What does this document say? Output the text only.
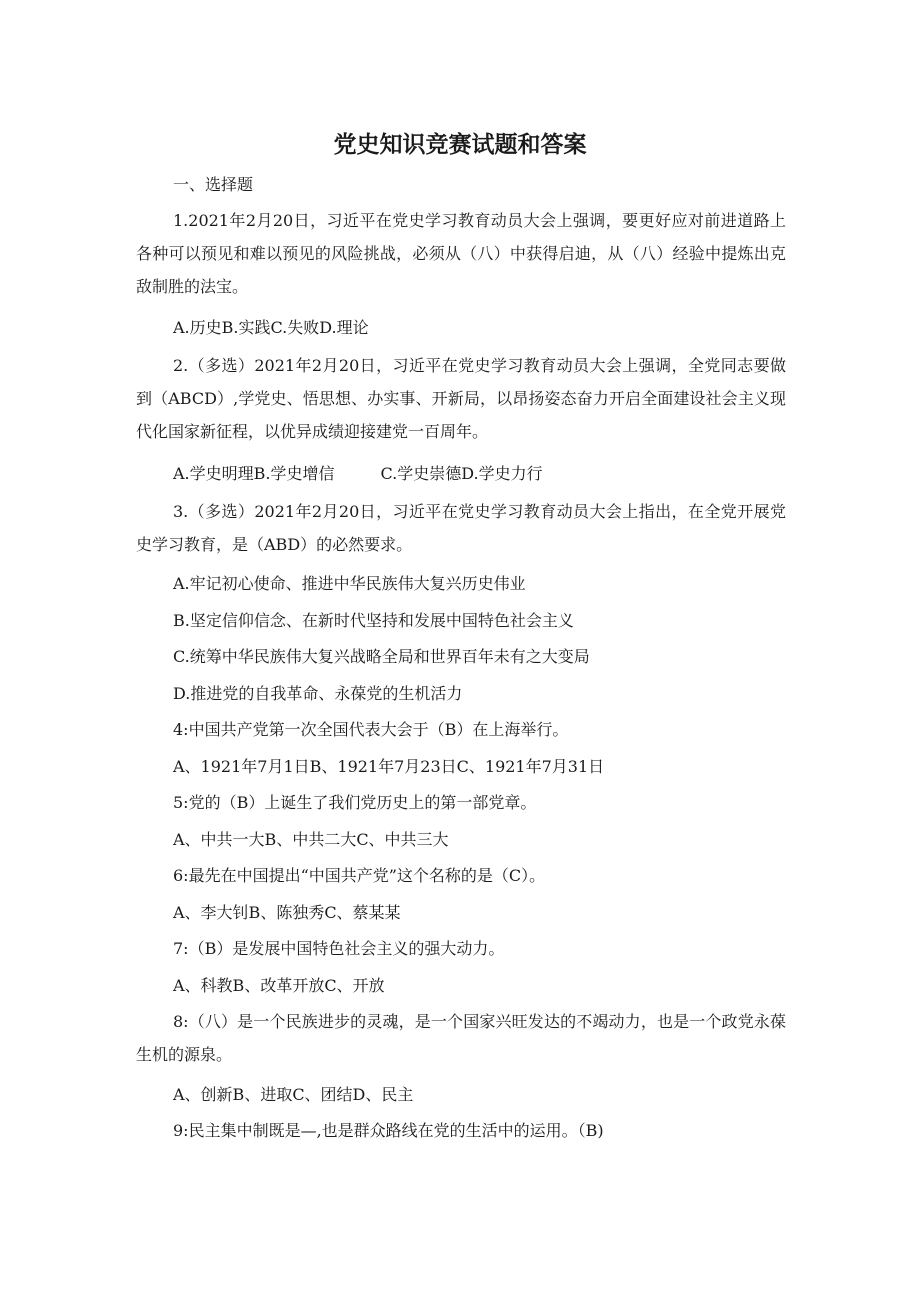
党史知识竞赛试题和答案
一、选择题
1.2021年2月20日，习近平在党史学习教育动员大会上强调，要更好应对前进道路上各种可以预见和难以预见的风险挑战，必须从（八）中获得启迪，从（八）经验中提炼出克敌制胜的法宝。
A.历史B.实践C.失败D.理论
2.（多选）2021年2月20日，习近平在党史学习教育动员大会上强调，全党同志要做到（ABCD）,学党史、悟思想、办实事、开新局，以昂扬姿态奋力开启全面建设社会主义现代化国家新征程，以优异成绩迎接建党一百周年。
A.学史明理B.学史增信	C.学史崇德D.学史力行
3.（多选）2021年2月20日，习近平在党史学习教育动员大会上指出，在全党开展党史学习教育，是（ABD）的必然要求。
A.牢记初心使命、推进中华民族伟大复兴历史伟业
B.坚定信仰信念、在新时代坚持和发展中国特色社会主义
C.统筹中华民族伟大复兴战略全局和世界百年未有之大变局
D.推进党的自我革命、永葆党的生机活力
4:中国共产党第一次全国代表大会于（B）在上海举行。
A、1921年7月1日B、1921年7月23日C、1921年7月31日
5:党的（B）上诞生了我们党历史上的第一部党章。
A、中共一大B、中共二大C、中共三大
6:最先在中国提出“中国共产党”这个名称的是（C）。
A、李大钊B、陈独秀C、蔡某某
7:（B）是发展中国特色社会主义的强大动力。
A、科教B、改革开放C、开放
8:（八）是一个民族进步的灵魂，是一个国家兴旺发达的不竭动力，也是一个政党永葆生机的源泉。
A、创新B、进取C、团结D、民主
9:民主集中制既是—,也是群众路线在党的生活中的运用。（B)
